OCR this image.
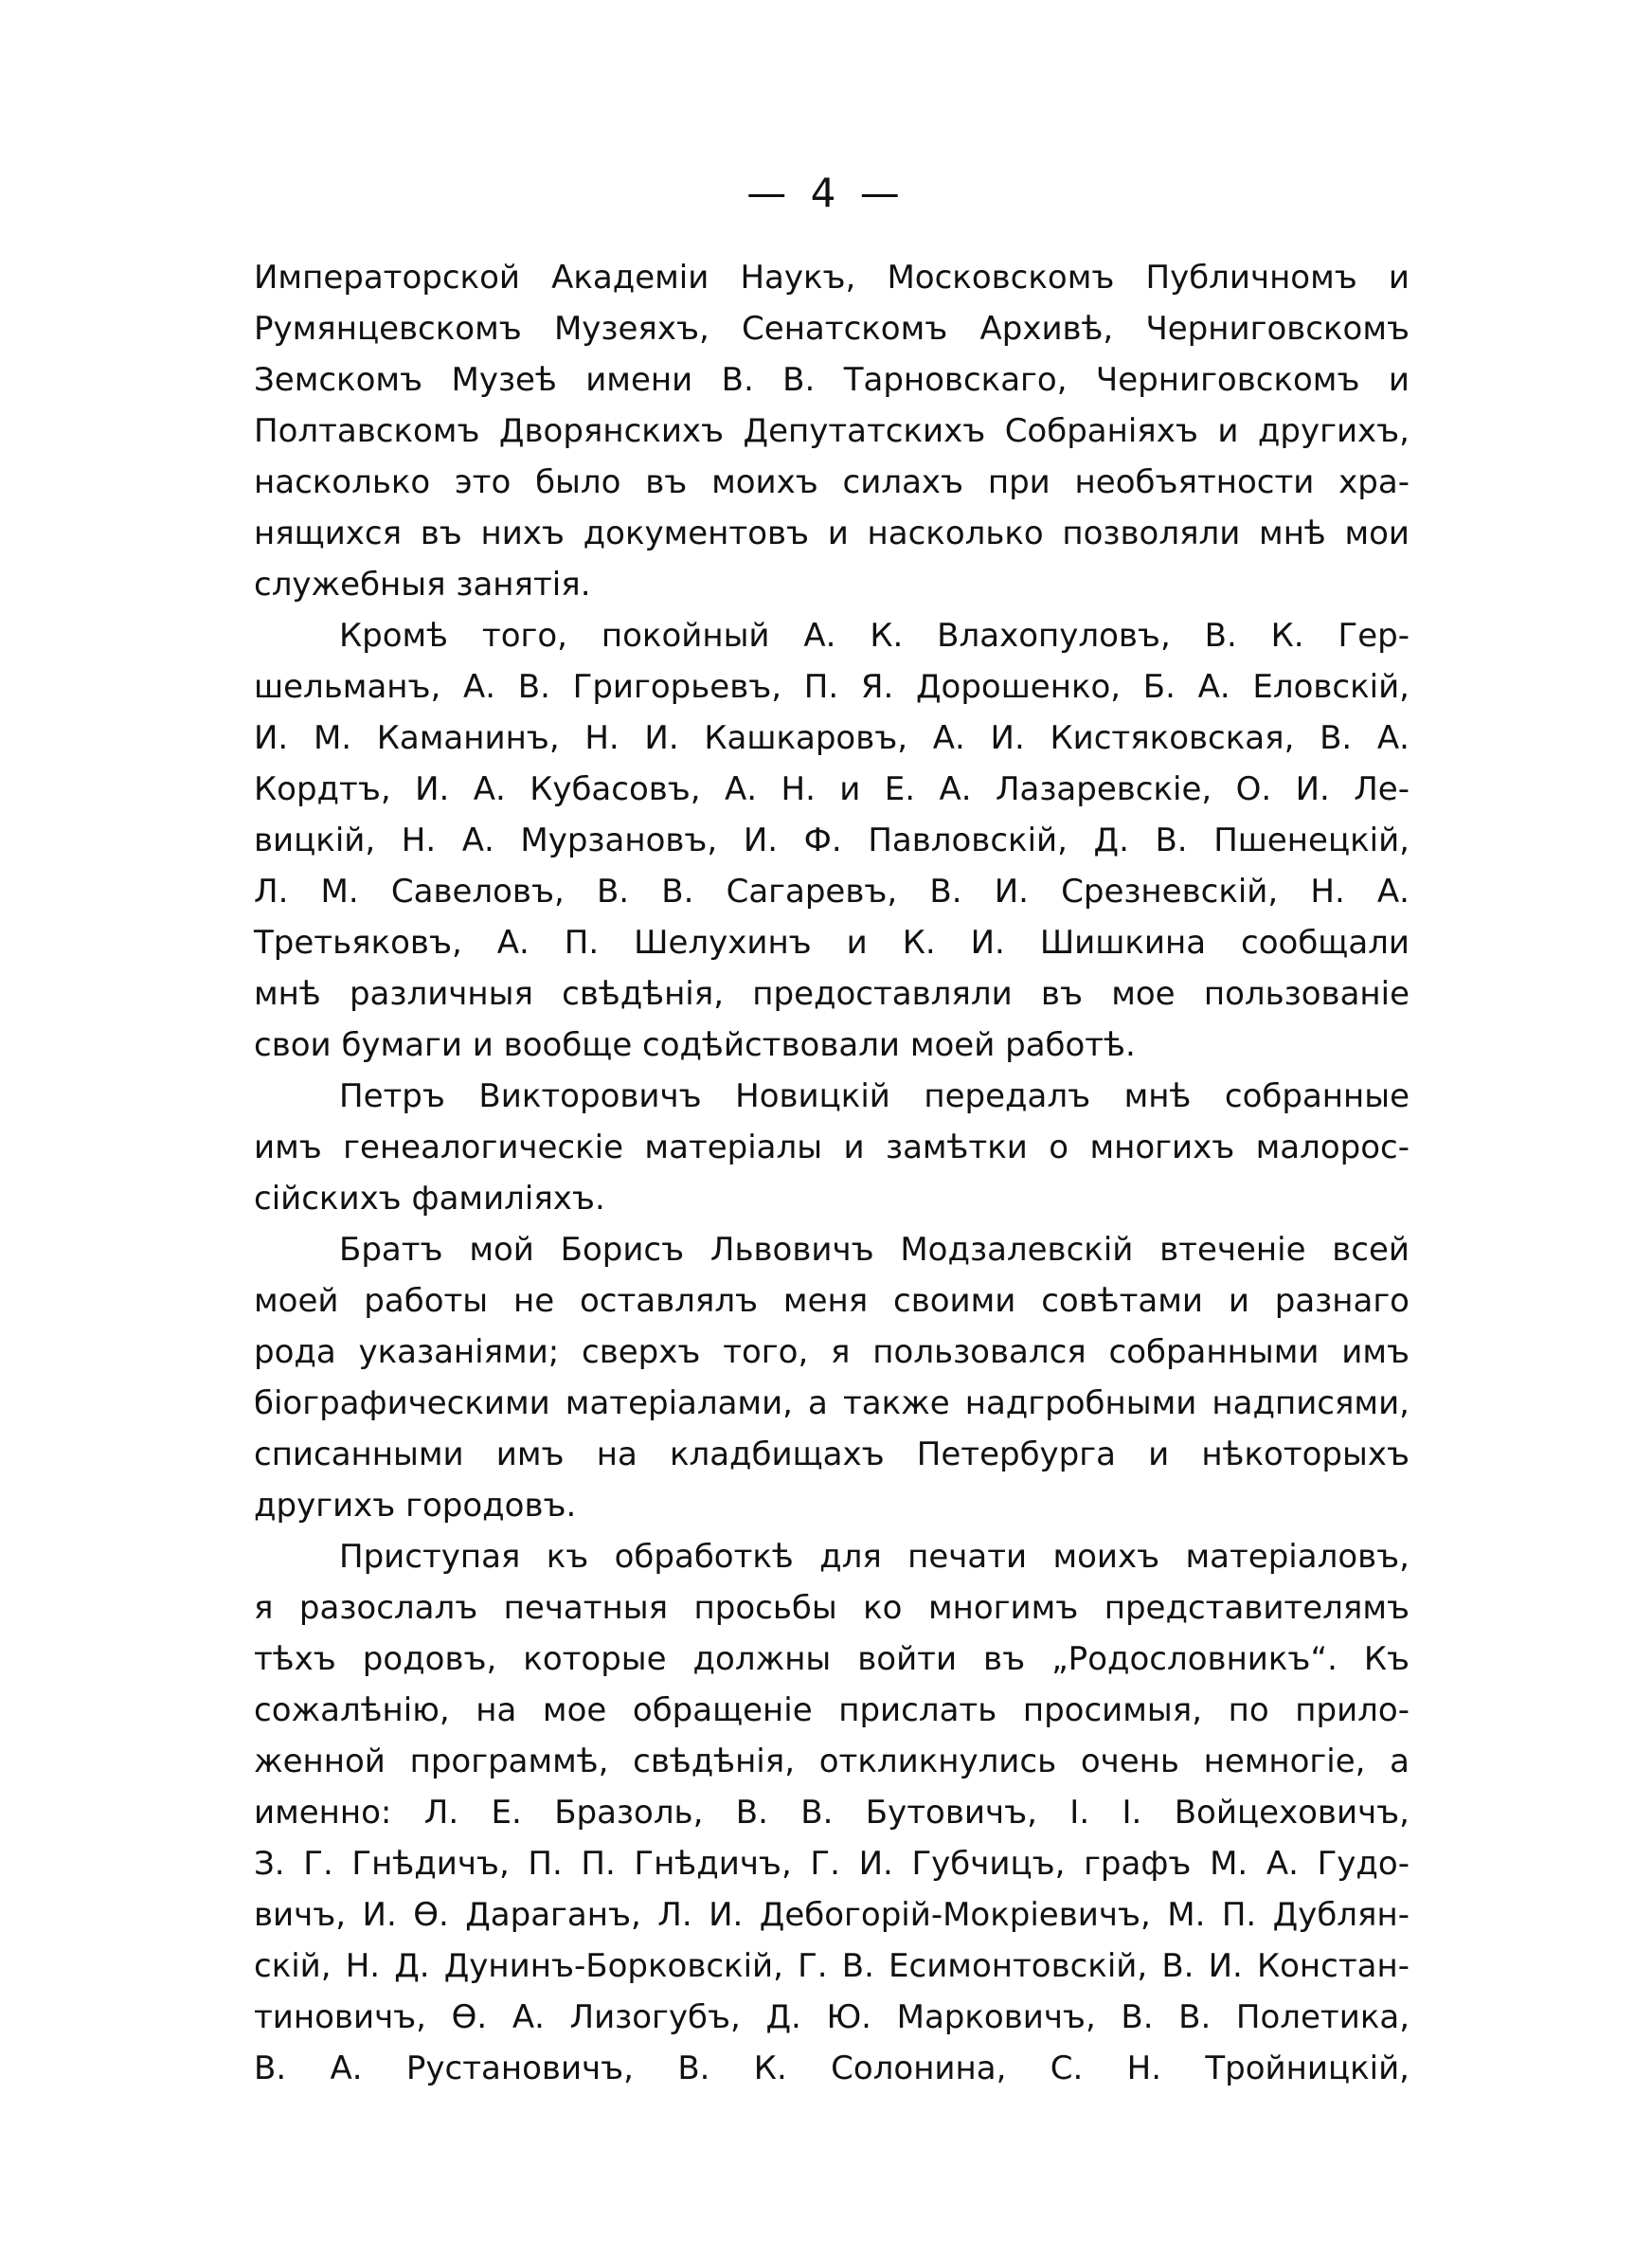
— 4 —

Императорской Академіи Наукъ, Московскомъ Публичномъ и
Румянцевскомъ Музеяхъ, Сенатскомъ Архивѣ, Черниговскомъ
Земскомъ Музеѣ имени В. В. Тарновскаго, Черниговскомъ и
Полтавскомъ Дворянскихъ Депутатскихъ Собраніяхъ и другихъ,
насколько это было въ моихъ силахъ при необъятности хра-
нящихся въ нихъ документовъ и насколько позволяли мнѣ мои
служебныя занятія.

Кромѣ того, покойный А. К. Влахопуловъ, В. К. Гер-
шельманъ, А. В. Григорьевъ, П. Я. Дорошенко, Б. А. Еловскій,
И. М. Каманинъ, Н. И. Кашкаровъ, А. И. Кистяковская, В. А.
Кордтъ, И. А. Кубасовъ, А. Н. и Е. А. Лазаревскіе, О. И. Ле-
вицкій, Н. А. Мурзановъ, И. Ф. Павловскій, Д. В. Пшенецкій,
Л. М. Савеловъ, В. В. Сагаревъ, В. И. Срезневскій, Н. А.
Третьяковъ, А. П. Шелухинъ и К. И. Шишкина сообщали
мнѣ различныя свѣдѣнія, предоставляли въ мое пользованіе
свои бумаги и вообще содѣйствовали моей работѣ.

Петръ Викторовичъ Новицкій передалъ мнѣ собранные
имъ генеалогическіе матеріалы и замѣтки о многихъ малорос-
сійскихъ фамиліяхъ.

Братъ мой Борисъ Львовичъ Модзалевскій втеченіе всей
моей работы не оставлялъ меня своими совѣтами и разнаго
рода указаніями; сверхъ того, я пользовался собранными имъ
біографическими матеріалами, а также надгробными надписями,
списанными имъ на кладбищахъ Петербурга и нѣкоторыхъ
другихъ городовъ.

Приступая къ обработкѣ для печати моихъ матеріаловъ,
я разослалъ печатныя просьбы ко многимъ представителямъ
тѣхъ родовъ, которые должны войти въ „Родословникъ“. Къ
сожалѣнію, на мое обращеніе прислать просимыя, по прило-
женной программѣ, свѣдѣнія, откликнулись очень немногіе, а
именно: Л. Е. Бразоль, В. В. Бутовичъ, І. І. Войцеховичъ,
З. Г. Гнѣдичъ, П. П. Гнѣдичъ, Г. И. Губчицъ, графъ М. А. Гудо-
вичъ, И. Ѳ. Дараганъ, Л. И. Дебогорій-Мокріевичъ, М. П. Дублян-
скій, Н. Д. Дунинъ-Борковскій, Г. В. Есимонтовскій, В. И. Констан-
тиновичъ, Ѳ. А. Лизогубъ, Д. Ю. Марковичъ, В. В. Полетика,
В. А. Рустановичъ, В. К. Солонина, С. Н. Тройницкій,
